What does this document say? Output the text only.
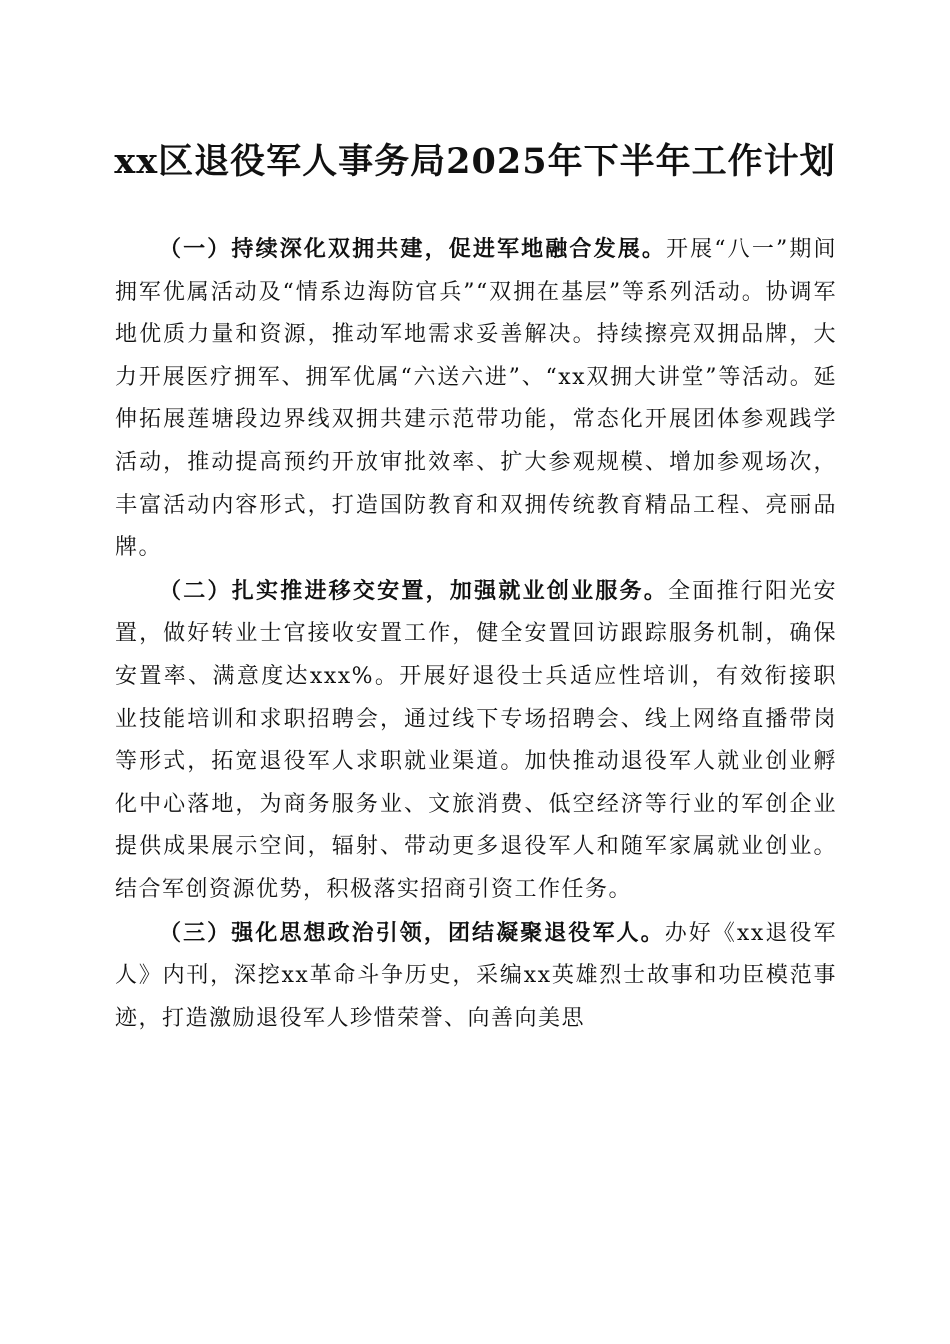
xx区退役军人事务局2025年下半年工作计划

（一）持续深化双拥共建，促进军地融合发展。开展“八一”期间拥军优属活动及“情系边海防官兵”“双拥在基层”等系列活动。协调军地优质力量和资源，推动军地需求妥善解决。持续擦亮双拥品牌，大力开展医疗拥军、拥军优属“六送六进”、“xx双拥大讲堂”等活动。延伸拓展莲塘段边界线双拥共建示范带功能，常态化开展团体参观践学活动，推动提高预约开放审批效率、扩大参观规模、增加参观场次，丰富活动内容形式，打造国防教育和双拥传统教育精品工程、亮丽品牌。

（二）扎实推进移交安置，加强就业创业服务。全面推行阳光安置，做好转业士官接收安置工作，健全安置回访跟踪服务机制，确保安置率、满意度达xxx%。开展好退役士兵适应性培训，有效衔接职业技能培训和求职招聘会，通过线下专场招聘会、线上网络直播带岗等形式，拓宽退役军人求职就业渠道。加快推动退役军人就业创业孵化中心落地，为商务服务业、文旅消费、低空经济等行业的军创企业提供成果展示空间，辐射、带动更多退役军人和随军家属就业创业。结合军创资源优势，积极落实招商引资工作任务。

（三）强化思想政治引领，团结凝聚退役军人。办好《xx退役军人》内刊，深挖xx革命斗争历史，采编xx英雄烈士故事和功臣模范事迹，打造激励退役军人珍惜荣誉、向善向美思
